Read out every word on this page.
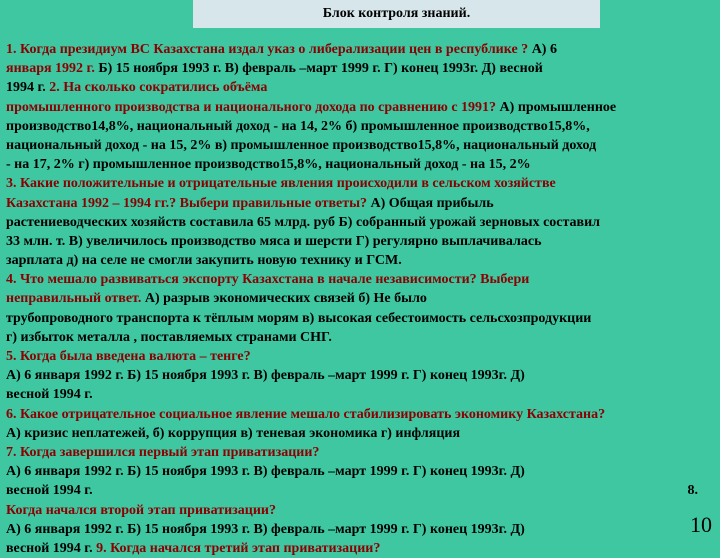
Блок контроля знаний.
1. Когда президиум ВС Казахстана издал указ о либерализации цен в республике ? А) 6
января 1992 г. Б) 15 ноября 1993 г. В) февраль –март 1999 г. Г) конец 1993г. Д) весной
1994 г. 2. На сколько сократились объёма
промышленного производства и национального дохода по сравнению с 1991? А) промышленное
производство14,8%, национальный доход - на 14, 2% б) промышленное производство15,8%,
национальный доход - на 15, 2% в) промышленное производство15,8%, национальный доход
- на 17, 2% г) промышленное производство15,8%, национальный доход - на 15, 2%
3. Какие положительные и отрицательные явления происходили в сельском хозяйстве
Казахстана 1992 – 1994 гг.? Выбери правильные ответы? А) Общая прибыль
растениеводческих хозяйств составила 65 млрд. руб Б) собранный урожай зерновых составил
33 млн. т. В) увеличилось производство мяса и шерсти Г) регулярно выплачивалась
зарплата д) на селе не смогли закупить новую технику и ГСМ.
4. Что мешало развиваться экспорту Казахстана в начале независимости? Выбери
неправильный ответ. А) разрыв экономических связей б) Не было
трубопроводного транспорта к тёплым морям в) высокая себестоимость сельсхозпродукции
г) избыток металла , поставляемых странами СНГ.
5. Когда была введена валюта – тенге?
А) 6 января 1992 г. Б) 15 ноября 1993 г. В) февраль –март 1999 г. Г) конец 1993г. Д)
весной 1994 г.
6. Какое отрицательное социальное явление мешало стабилизировать экономику Казахстана?
А) кризис неплатежей, б) коррупция в) теневая экономика г) инфляция
7. Когда завершился первый этап приватизации?
А) 6 января 1992 г. Б) 15 ноября 1993 г. В) февраль –март 1999 г. Г) конец 1993г. Д)
весной 1994 г.	8.
Когда начался второй этап приватизации?
А) 6 января 1992 г. Б) 15 ноября 1993 г. В) февраль –март 1999 г. Г) конец 1993г. Д)
весной 1994 г. 9. Когда начался третий этап приватизации?
10
